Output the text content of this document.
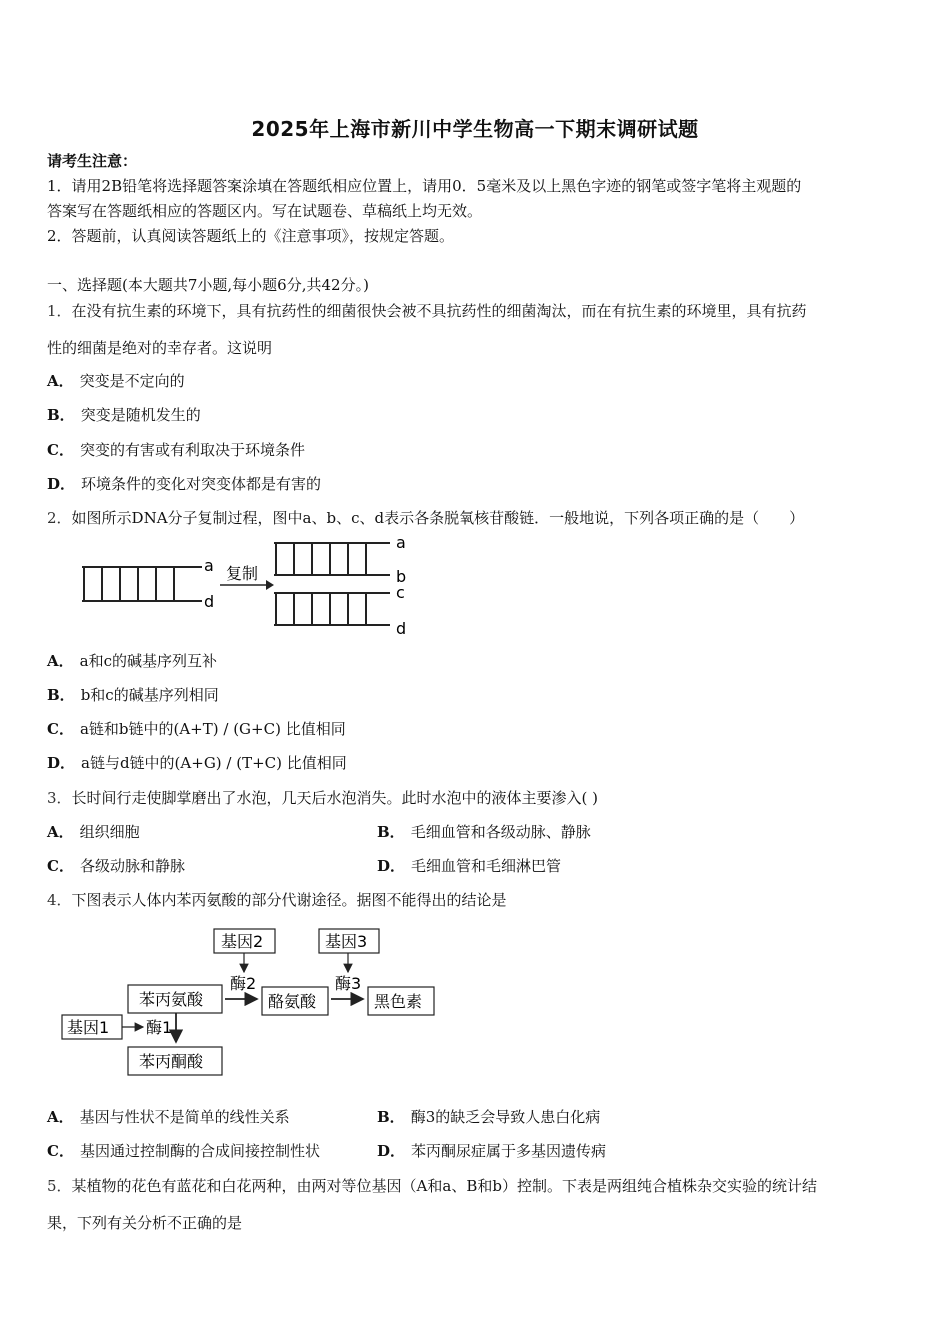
2025年上海市新川中学生物高一下期末调研试题
请考生注意：
1．请用2B铅笔将选择题答案涂填在答题纸相应位置上，请用0．5毫米及以上黑色字迹的钢笔或签字笔将主观题的
答案写在答题纸相应的答题区内。写在试题卷、草稿纸上均无效。
2．答题前，认真阅读答题纸上的《注意事项》，按规定答题。
一、选择题(本大题共7小题,每小题6分,共42分。)
1．在没有抗生素的环境下，具有抗药性的细菌很快会被不具抗药性的细菌淘汰，而在有抗生素的环境里，具有抗药
性的细菌是绝对的幸存者。这说明
A． 突变是不定向的
B． 突变是随机发生的
C． 突变的有害或有利取决于环境条件
D． 环境条件的变化对突变体都是有害的
2．如图所示DNA分子复制过程，图中a、b、c、d表示各条脱氧核苷酸链．一般地说，下列各项正确的是（　　）
a
d
复制
a
b
c
d
A． a和c的碱基序列互补
B． b和c的碱基序列相同
C． a链和b链中的(A+T) / (G+C) 比值相同
D． a链与d链中的(A+G) / (T+C) 比值相同
3．长时间行走使脚掌磨出了水泡，几天后水泡消失。此时水泡中的液体主要渗入( )
A． 组织细胞	B． 毛细血管和各级动脉、静脉
C． 各级动脉和静脉	D． 毛细血管和毛细淋巴管
4．下图表示人体内苯丙氨酸的部分代谢途径。据图不能得出的结论是
基因2	基因3
苯丙氨酸
酶2
酪氨酸
酶3
黑色素
基因1 酶1
苯丙酮酸
A． 基因与性状不是简单的线性关系	B． 酶3的缺乏会导致人患白化病
C． 基因通过控制酶的合成间接控制性状	D． 苯丙酮尿症属于多基因遗传病
5．某植物的花色有蓝花和白花两种，由两对等位基因（A和a、B和b）控制。下表是两组纯合植株杂交实验的统计结
果，下列有关分析不正确的是
